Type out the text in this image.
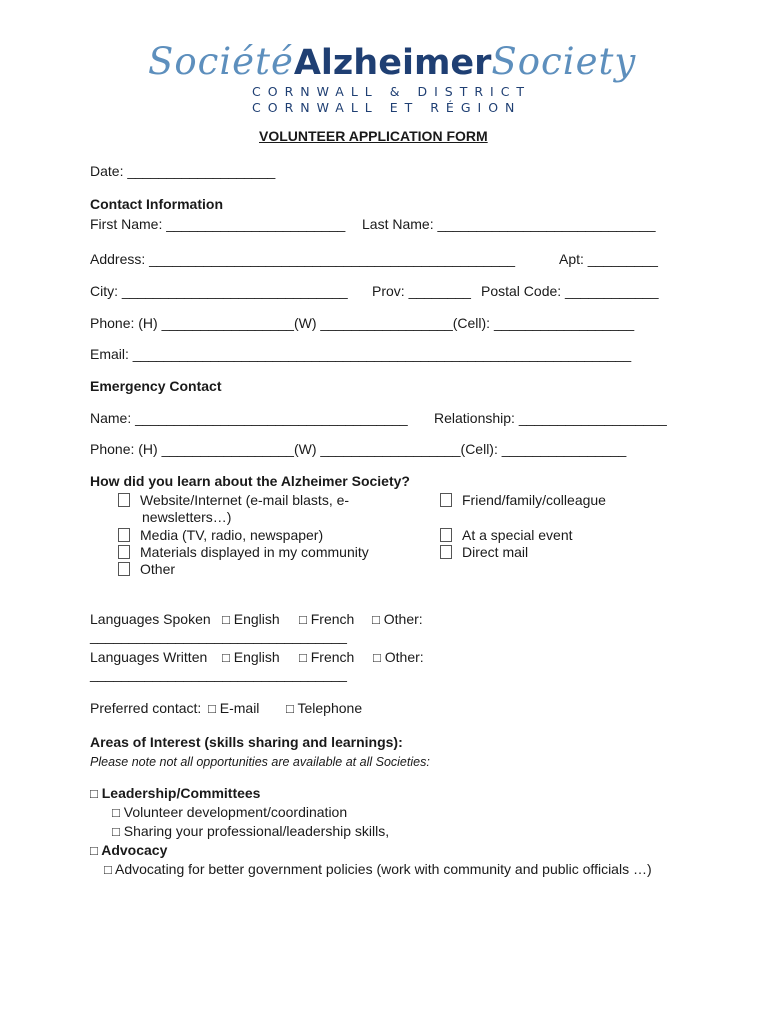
SociétéAlzheimerSociety
CORNWALL & DISTRICT
CORNWALL ET RÉGION
VOLUNTEER APPLICATION FORM
Date: ___________________
Contact Information
First Name: _______________________ Last Name: ____________________________
Address: _______________________________________________	Apt: _________
City: _____________________________ Prov: ________ Postal Code: ____________
Phone: (H) _________________(W) _________________(Cell): __________________
Email: ________________________________________________________________
Emergency Contact
Name: ___________________________________ Relationship: ___________________
Phone: (H) _________________(W) __________________(Cell): ________________
How did you learn about the Alzheimer Society?
Website/Internet (e-mail blasts, e-
newsletters…)
Media (TV, radio, newspaper)
Materials displayed in my community
Other
Friend/family/colleague
At a special event
Direct mail
Languages Spoken □ English □ French □ Other:
_________________________________
Languages Written □ English □ French □ Other:
_________________________________
Preferred contact: □ E-mail □ Telephone
Areas of Interest (skills sharing and learnings):
Please note not all opportunities are available at all Societies:
□ Leadership/Committees
□ Volunteer development/coordination
□ Sharing your professional/leadership skills,
□ Advocacy
□ Advocating for better government policies (work with community and public officials …)
